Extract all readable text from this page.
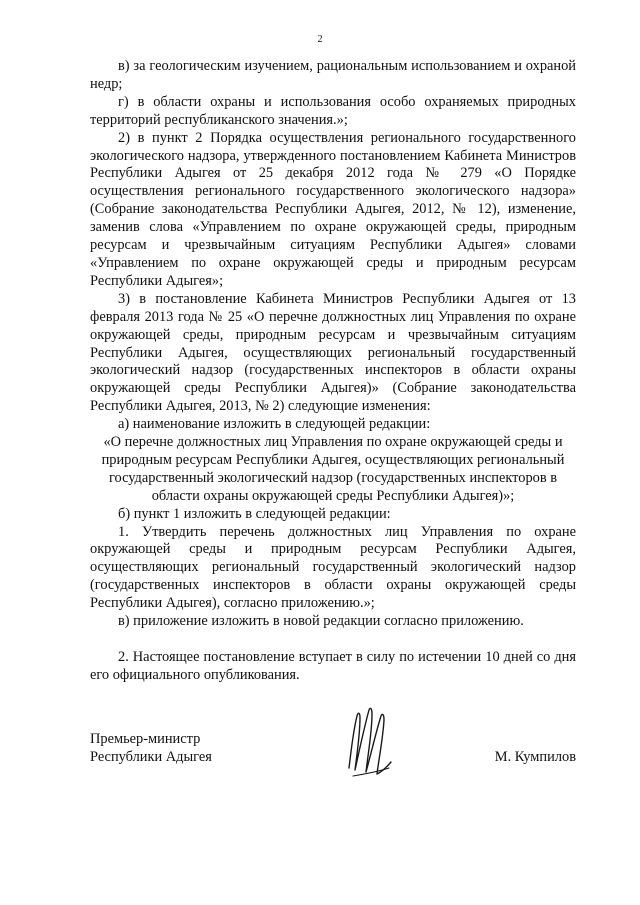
2

в) за геологическим изучением, рациональным использованием и охраной недр;

г) в области охраны и использования особо охраняемых природных территорий республиканского значения.»;

2) в пункт 2 Порядка осуществления регионального государственного экологического надзора, утвержденного постановлением Кабинета Министров Республики Адыгея от 25 декабря 2012 года № 279 «О Порядке осуществления регионального государственного экологического надзора» (Собрание законодательства Республики Адыгея, 2012, № 12), изменение, заменив слова «Управлением по охране окружающей среды, природным ресурсам и чрезвычайным ситуациям Республики Адыгея» словами «Управлением по охране окружающей среды и природным ресурсам Республики Адыгея»;

3) в постановление Кабинета Министров Республики Адыгея от 13 февраля 2013 года № 25 «О перечне должностных лиц Управления по охране окружающей среды, природным ресурсам и чрезвычайным ситуациям Республики Адыгея, осуществляющих региональный государственный экологический надзор (государственных инспекторов в области охраны окружающей среды Республики Адыгея)» (Собрание законодательства Республики Адыгея, 2013, № 2) следующие изменения:

а) наименование изложить в следующей редакции:

«О перечне должностных лиц Управления по охране окружающей среды и природным ресурсам Республики Адыгея, осуществляющих региональный государственный экологический надзор (государственных инспекторов в области охраны окружающей среды Республики Адыгея)»;

б) пункт 1 изложить в следующей редакции:

1. Утвердить перечень должностных лиц Управления по охране окружающей среды и природным ресурсам Республики Адыгея, осуществляющих региональный государственный экологический надзор (государственных инспекторов в области охраны окружающей среды Республики Адыгея), согласно приложению.»;

в) приложение изложить в новой редакции согласно приложению.

2. Настоящее постановление вступает в силу по истечении 10 дней со дня его официального опубликования.

Премьер-министр
Республики Адыгея	М. Кумпилов
